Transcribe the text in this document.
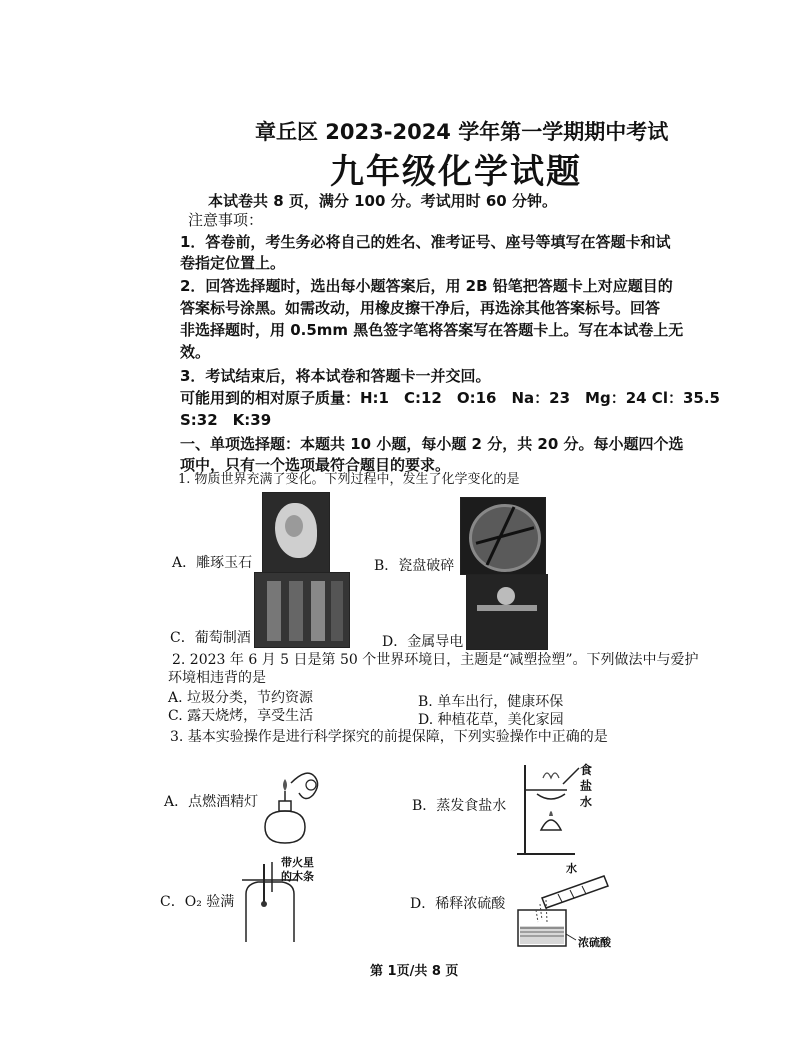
章丘区 2023-2024 学年第一学期期中考试
九年级化学试题
本试卷共 8 页，满分 100 分。考试用时 60 分钟。
注意事项：
1．答卷前，考生务必将自己的姓名、准考证号、座号等填写在答题卡和试
卷指定位置上。
2．回答选择题时，选出每小题答案后，用 2B 铅笔把答题卡上对应题目的
答案标号涂黑。如需改动，用橡皮擦干净后，再选涂其他答案标号。回答
非选择题时，用 0.5mm 黑色签字笔将答案写在答题卡上。写在本试卷上无
效。
3．考试结束后，将本试卷和答题卡一并交回。
可能用到的相对原子质量：H:1　C:12　O:16　Na：23　Mg：24 Cl：35.5
S:32　K:39
一、单项选择题：本题共 10 小题，每小题 2 分，共 20 分。每小题四个选
项中，只有一个选项最符合题目的要求。
1. 物质世界充满了变化。下列过程中，发生了化学变化的是
A．雕琢玉石	B．瓷盘破碎
C．葡萄制酒	D．金属导电
2. 2023 年 6 月 5 日是第 50 个世界环境日，主题是“减塑捡塑”。下列做法中与爱护
环境相违背的是
A. 垃圾分类，节约资源	B. 单车出行，健康环保
C. 露天烧烤，享受生活	D. 种植花草，美化家园
3. 基本实验操作是进行科学探究的前提保障，下列实验操作中正确的是
A．点燃酒精灯	B．蒸发食盐水
食
盐
水
C．O₂ 验满
带火星
的木条
D．稀释浓硫酸
水
浓硫酸
第 1页/共 8 页
